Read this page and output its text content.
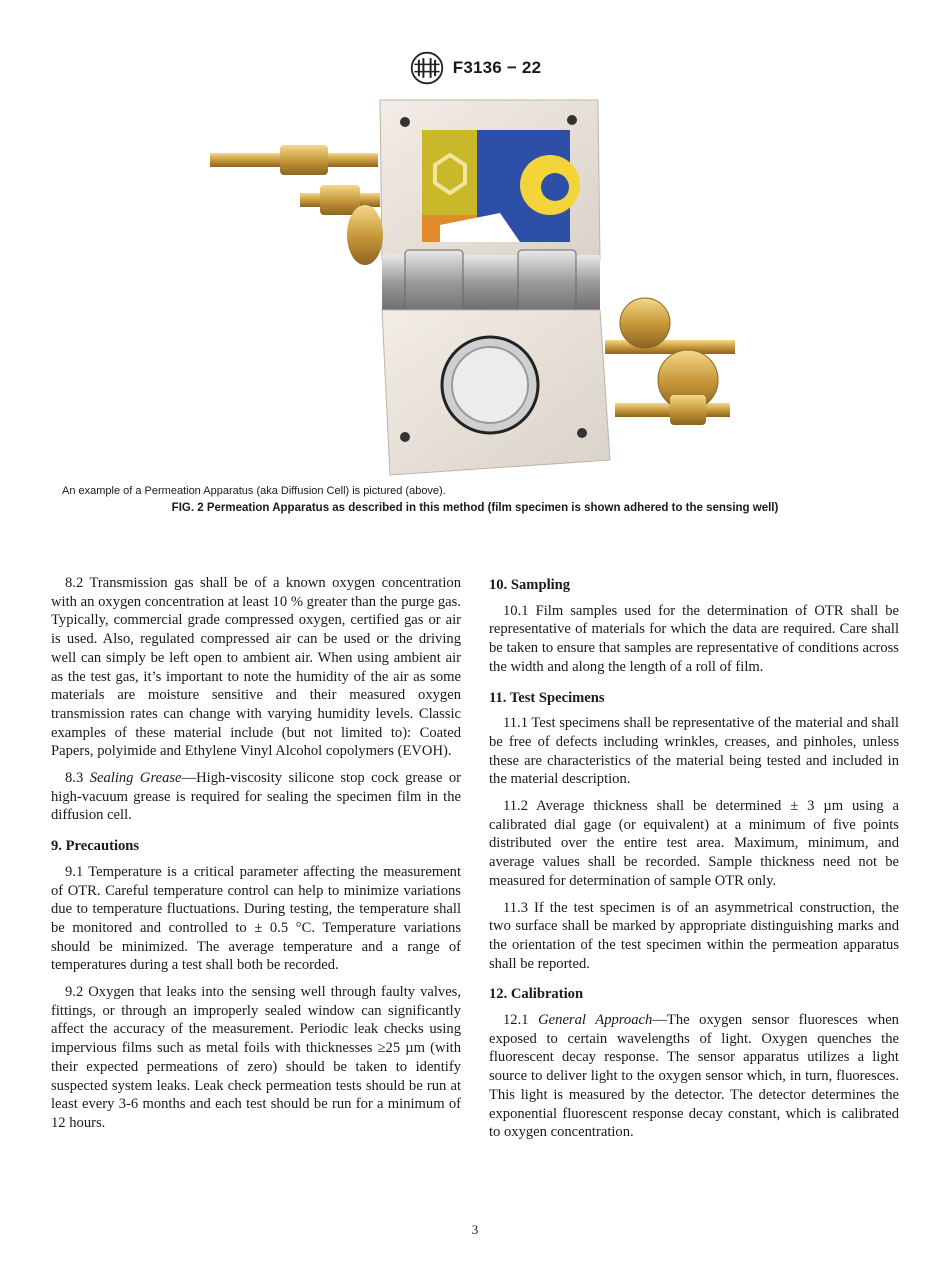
F3136 − 22
An example of a Permeation Apparatus (aka Diffusion Cell) is pictured (above).
FIG. 2 Permeation Apparatus as described in this method (film specimen is shown adhered to the sensing well)

8.2 Transmission gas shall be of a known oxygen concentration with an oxygen concentration at least 10 % greater than the purge gas. Typically, commercial grade compressed oxygen, certified gas or air is used. Also, regulated compressed air can be used or the driving well can simply be left open to ambient air. When using ambient air as the test gas, it’s important to note the humidity of the air as some materials are moisture sensitive and their measured oxygen transmission rates can change with varying humidity levels. Classic examples of these material include (but not limited to): Coated Papers, polyimide and Ethylene Vinyl Alcohol copolymers (EVOH).

8.3 Sealing Grease—High-viscosity silicone stop cock grease or high-vacuum grease is required for sealing the specimen film in the diffusion cell.

9. Precautions

9.1 Temperature is a critical parameter affecting the measurement of OTR. Careful temperature control can help to minimize variations due to temperature fluctuations. During testing, the temperature shall be monitored and controlled to ± 0.5 °C. Temperature variations should be minimized. The average temperature and a range of temperatures during a test shall both be recorded.

9.2 Oxygen that leaks into the sensing well through faulty valves, fittings, or through an improperly sealed window can significantly affect the accuracy of the measurement. Periodic leak checks using impervious films such as metal foils with thicknesses ≥25 µm (with their expected permeations of zero) should be taken to identify suspected system leaks. Leak check permeation tests should be run at least every 3-6 months and each test should be run for a minimum of 12 hours.

10. Sampling

10.1 Film samples used for the determination of OTR shall be representative of materials for which the data are required. Care shall be taken to ensure that samples are representative of conditions across the width and along the length of a roll of film.

11. Test Specimens

11.1 Test specimens shall be representative of the material and shall be free of defects including wrinkles, creases, and pinholes, unless these are characteristics of the material being tested and included in the material description.

11.2 Average thickness shall be determined ± 3 µm using a calibrated dial gage (or equivalent) at a minimum of five points distributed over the entire test area. Maximum, minimum, and average values shall be recorded. Sample thickness need not be measured for determination of sample OTR only.

11.3 If the test specimen is of an asymmetrical construction, the two surface shall be marked by appropriate distinguishing marks and the orientation of the test specimen within the permeation apparatus shall be reported.

12. Calibration

12.1 General Approach—The oxygen sensor fluoresces when exposed to certain wavelengths of light. Oxygen quenches the fluorescent decay response. The sensor apparatus utilizes a light source to deliver light to the oxygen sensor which, in turn, fluoresces. This light is measured by the detector. The detector determines the exponential fluorescent response decay constant, which is calibrated to oxygen concentration.

3
